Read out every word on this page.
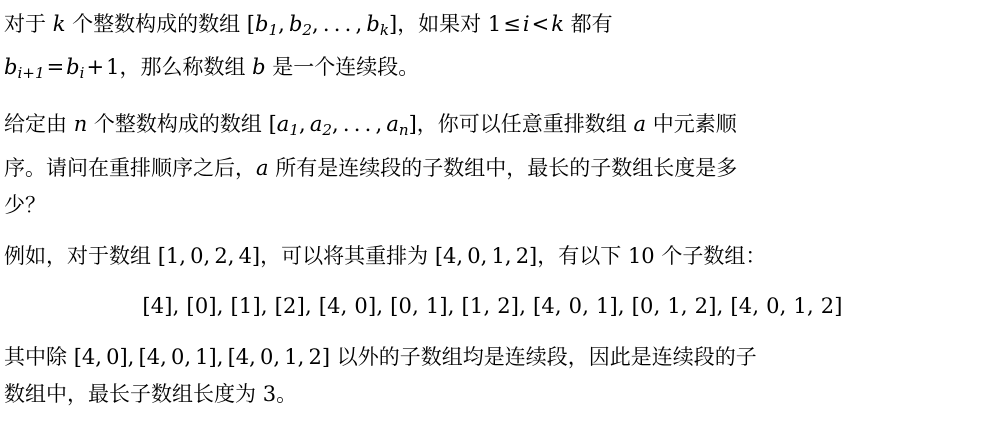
对于 k 个整数构成的数组 [$b_1$, $b_2$, . . . , $b_k$]，如果对 1≤i<k 都有
$b_{i+1}=b_i+1$，那么称数组 b 是一个连续段。

给定由 n 个整数构成的数组 [$a_1$, $a_2$, . . . , $a_n$]，你可以任意重排数组 a 中元素顺
序。请问在重排顺序之后，a 所有是连续段的子数组中，最长的子数组长度是多
少？

例如，对于数组 [1, 0, 2, 4]，可以将其重排为 [4, 0, 1, 2]，有以下 10 个子数组：

[4], [0], [1], [2], [4, 0], [0, 1], [1, 2], [4, 0, 1], [0, 1, 2], [4, 0, 1, 2]

其中除 [4, 0], [4, 0, 1], [4, 0, 1, 2] 以外的子数组均是连续段，因此是连续段的子
数组中，最长子数组长度为 3。
